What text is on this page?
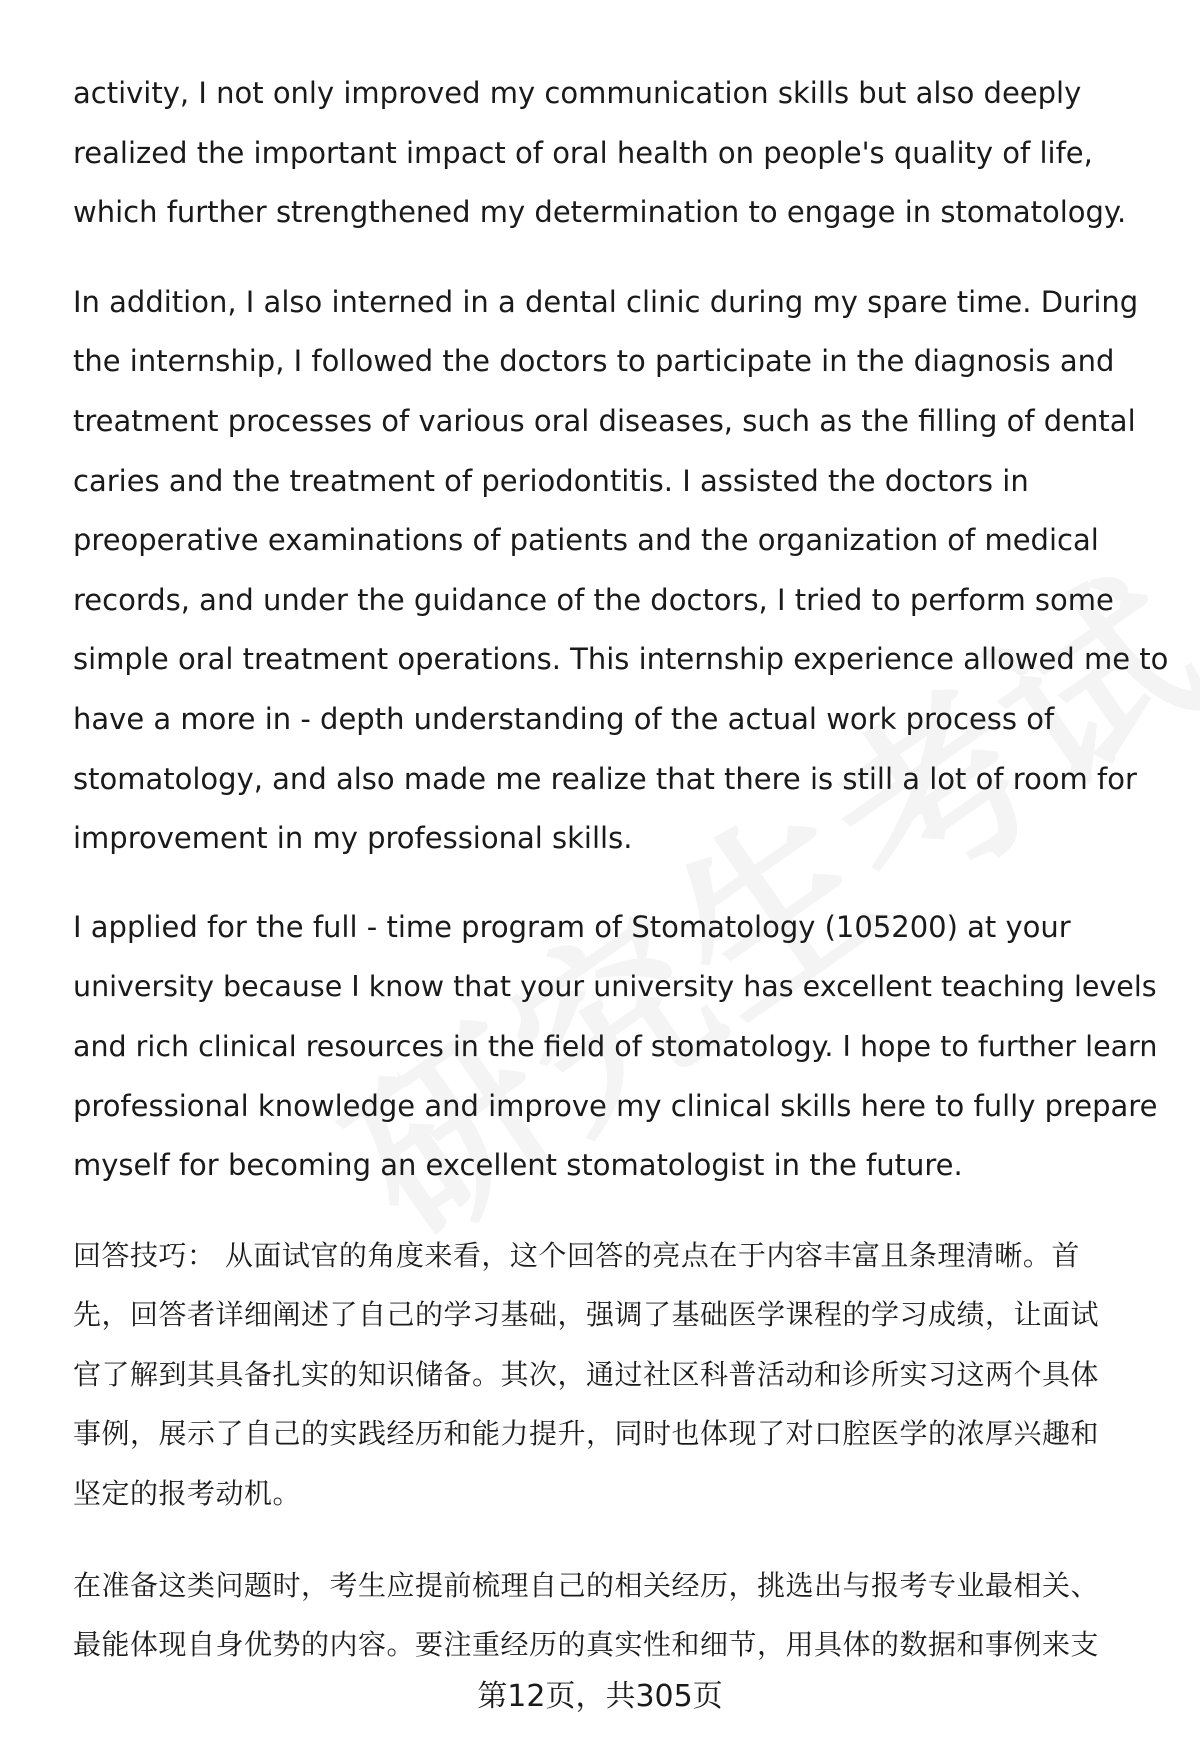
activity, I not only improved my communication skills but also deeply
realized the important impact of oral health on people's quality of life,
which further strengthened my determination to engage in stomatology.

In addition, I also interned in a dental clinic during my spare time. During
the internship, I followed the doctors to participate in the diagnosis and
treatment processes of various oral diseases, such as the filling of dental
caries and the treatment of periodontitis. I assisted the doctors in
preoperative examinations of patients and the organization of medical
records, and under the guidance of the doctors, I tried to perform some
simple oral treatment operations. This internship experience allowed me to
have a more in - depth understanding of the actual work process of
stomatology, and also made me realize that there is still a lot of room for
improvement in my professional skills.

I applied for the full - time program of Stomatology (105200) at your
university because I know that your university has excellent teaching levels
and rich clinical resources in the field of stomatology. I hope to further learn
professional knowledge and improve my clinical skills here to fully prepare
myself for becoming an excellent stomatologist in the future.

回答技巧： 从面试官的角度来看，这个回答的亮点在于内容丰富且条理清晰。首
先，回答者详细阐述了自己的学习基础，强调了基础医学课程的学习成绩，让面试
官了解到其具备扎实的知识储备。其次，通过社区科普活动和诊所实习这两个具体
事例，展示了自己的实践经历和能力提升，同时也体现了对口腔医学的浓厚兴趣和
坚定的报考动机。

在准备这类问题时，考生应提前梳理自己的相关经历，挑选出与报考专业最相关、
最能体现自身优势的内容。要注重经历的真实性和细节，用具体的数据和事例来支

第12页，共305页
